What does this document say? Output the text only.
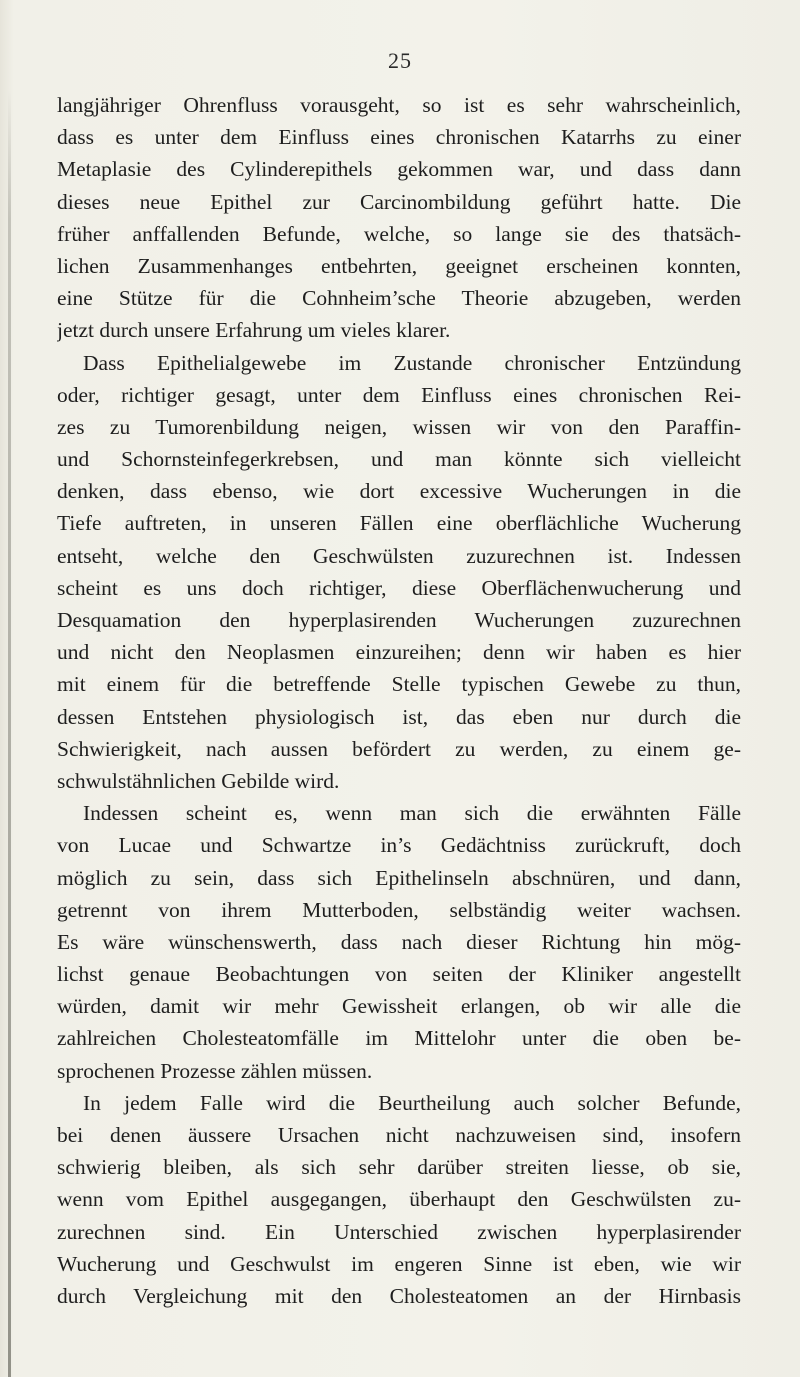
25
langjähriger Ohrenfluss vorausgeht, so ist es sehr wahrscheinlich,
dass es unter dem Einfluss eines chronischen Katarrhs zu einer
Metaplasie des Cylinderepithels gekommen war, und dass dann
dieses neue Epithel zur Carcinombildung geführt hatte. Die
früher anffallenden Befunde, welche, so lange sie des thatsäch-
lichen Zusammenhanges entbehrten, geeignet erscheinen konnten,
eine Stütze für die Cohnheim’sche Theorie abzugeben, werden
jetzt durch unsere Erfahrung um vieles klarer.
Dass Epithelialgewebe im Zustande chronischer Entzündung
oder, richtiger gesagt, unter dem Einfluss eines chronischen Rei-
zes zu Tumorenbildung neigen, wissen wir von den Paraffin-
und Schornsteinfegerkrebsen, und man könnte sich vielleicht
denken, dass ebenso, wie dort excessive Wucherungen in die
Tiefe auftreten, in unseren Fällen eine oberflächliche Wucherung
entseht, welche den Geschwülsten zuzurechnen ist. Indessen
scheint es uns doch richtiger, diese Oberflächenwucherung und
Desquamation den hyperplasirenden Wucherungen zuzurechnen
und nicht den Neoplasmen einzureihen; denn wir haben es hier
mit einem für die betreffende Stelle typischen Gewebe zu thun,
dessen Entstehen physiologisch ist, das eben nur durch die
Schwierigkeit, nach aussen befördert zu werden, zu einem ge-
schwulstähnlichen Gebilde wird.
Indessen scheint es, wenn man sich die erwähnten Fälle
von Lucae und Schwartze in’s Gedächtniss zurückruft, doch
möglich zu sein, dass sich Epithelinseln abschnüren, und dann,
getrennt von ihrem Mutterboden, selbständig weiter wachsen.
Es wäre wünschenswerth, dass nach dieser Richtung hin mög-
lichst genaue Beobachtungen von seiten der Kliniker angestellt
würden, damit wir mehr Gewissheit erlangen, ob wir alle die
zahlreichen Cholesteatomfälle im Mittelohr unter die oben be-
sprochenen Prozesse zählen müssen.
In jedem Falle wird die Beurtheilung auch solcher Befunde,
bei denen äussere Ursachen nicht nachzuweisen sind, insofern
schwierig bleiben, als sich sehr darüber streiten liesse, ob sie,
wenn vom Epithel ausgegangen, überhaupt den Geschwülsten zu-
zurechnen sind. Ein Unterschied zwischen hyperplasirender
Wucherung und Geschwulst im engeren Sinne ist eben, wie wir
durch Vergleichung mit den Cholesteatomen an der Hirnbasis
